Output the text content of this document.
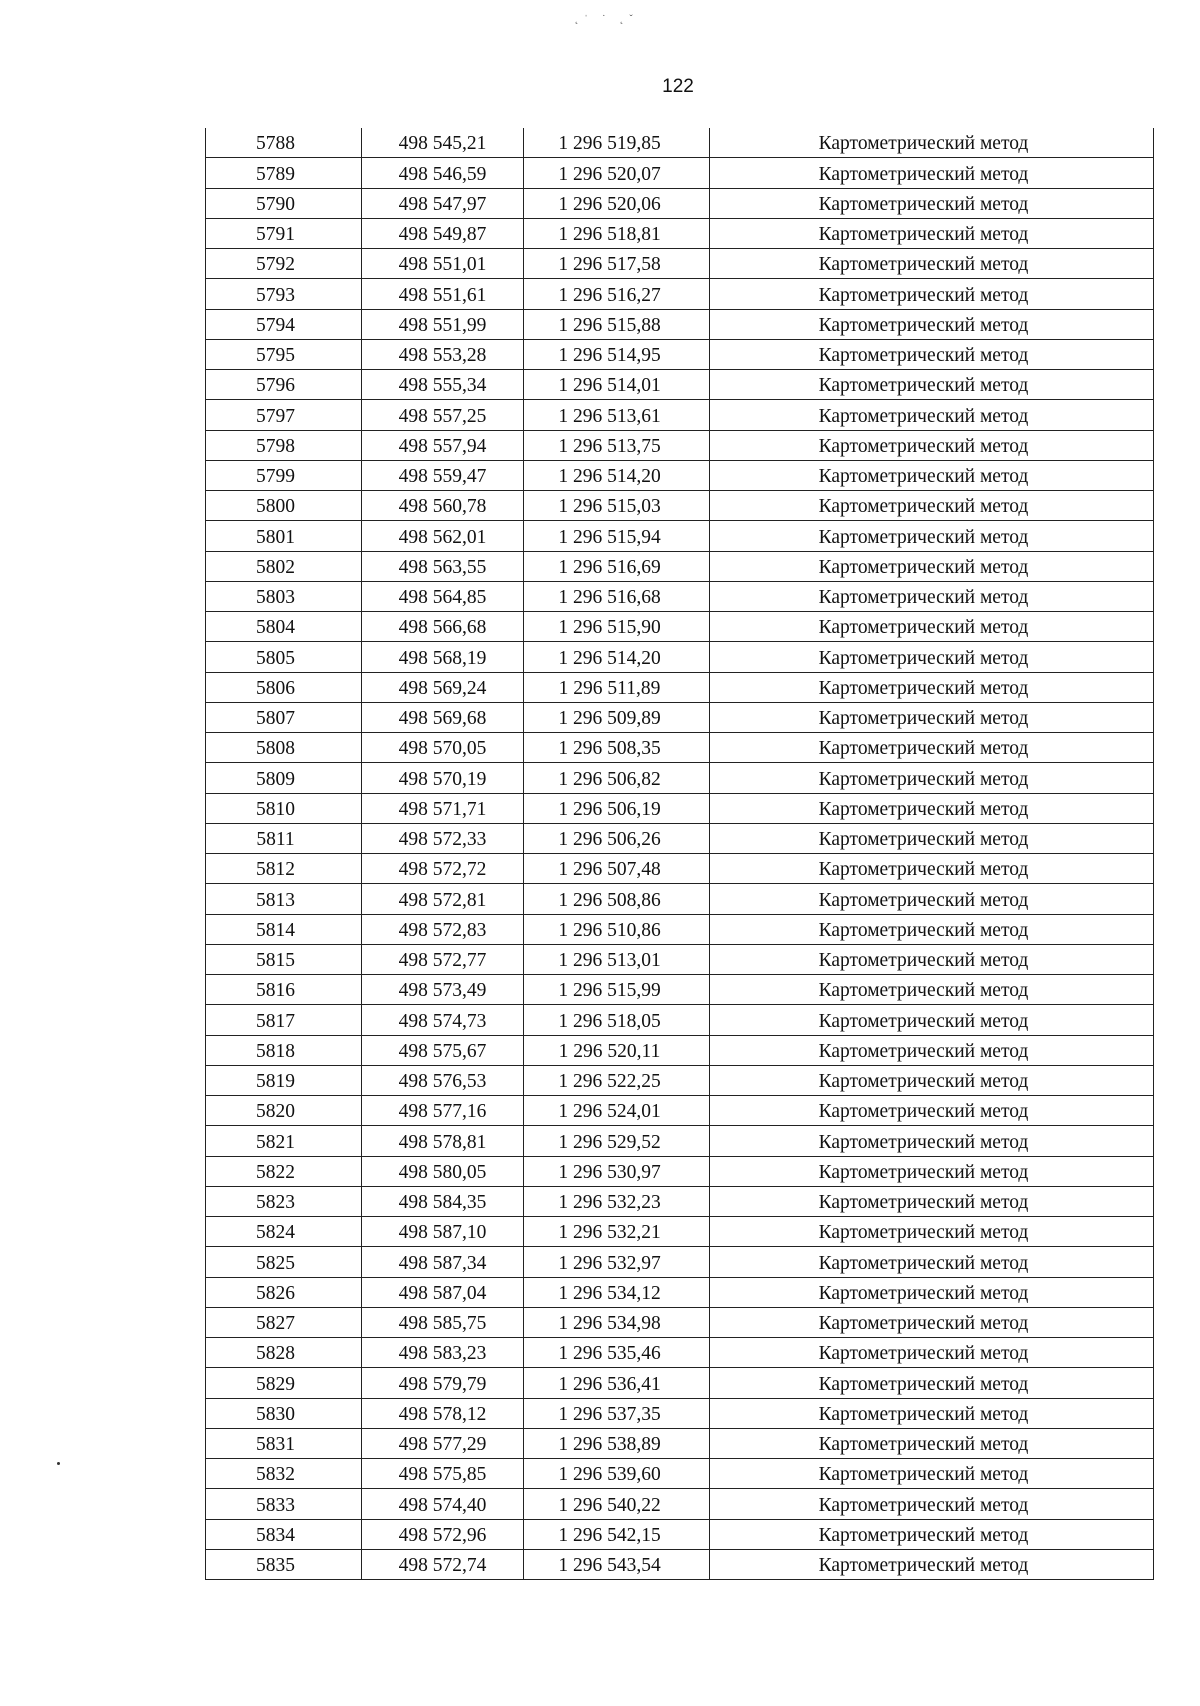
˛ˈ ˙ ˛ˇ
122
5788	498 545,21	1 296 519,85	Картометрический метод
5789	498 546,59	1 296 520,07	Картометрический метод
5790	498 547,97	1 296 520,06	Картометрический метод
5791	498 549,87	1 296 518,81	Картометрический метод
5792	498 551,01	1 296 517,58	Картометрический метод
5793	498 551,61	1 296 516,27	Картометрический метод
5794	498 551,99	1 296 515,88	Картометрический метод
5795	498 553,28	1 296 514,95	Картометрический метод
5796	498 555,34	1 296 514,01	Картометрический метод
5797	498 557,25	1 296 513,61	Картометрический метод
5798	498 557,94	1 296 513,75	Картометрический метод
5799	498 559,47	1 296 514,20	Картометрический метод
5800	498 560,78	1 296 515,03	Картометрический метод
5801	498 562,01	1 296 515,94	Картометрический метод
5802	498 563,55	1 296 516,69	Картометрический метод
5803	498 564,85	1 296 516,68	Картометрический метод
5804	498 566,68	1 296 515,90	Картометрический метод
5805	498 568,19	1 296 514,20	Картометрический метод
5806	498 569,24	1 296 511,89	Картометрический метод
5807	498 569,68	1 296 509,89	Картометрический метод
5808	498 570,05	1 296 508,35	Картометрический метод
5809	498 570,19	1 296 506,82	Картометрический метод
5810	498 571,71	1 296 506,19	Картометрический метод
5811	498 572,33	1 296 506,26	Картометрический метод
5812	498 572,72	1 296 507,48	Картометрический метод
5813	498 572,81	1 296 508,86	Картометрический метод
5814	498 572,83	1 296 510,86	Картометрический метод
5815	498 572,77	1 296 513,01	Картометрический метод
5816	498 573,49	1 296 515,99	Картометрический метод
5817	498 574,73	1 296 518,05	Картометрический метод
5818	498 575,67	1 296 520,11	Картометрический метод
5819	498 576,53	1 296 522,25	Картометрический метод
5820	498 577,16	1 296 524,01	Картометрический метод
5821	498 578,81	1 296 529,52	Картометрический метод
5822	498 580,05	1 296 530,97	Картометрический метод
5823	498 584,35	1 296 532,23	Картометрический метод
5824	498 587,10	1 296 532,21	Картометрический метод
5825	498 587,34	1 296 532,97	Картометрический метод
5826	498 587,04	1 296 534,12	Картометрический метод
5827	498 585,75	1 296 534,98	Картометрический метод
5828	498 583,23	1 296 535,46	Картометрический метод
5829	498 579,79	1 296 536,41	Картометрический метод
5830	498 578,12	1 296 537,35	Картометрический метод
5831	498 577,29	1 296 538,89	Картометрический метод
5832	498 575,85	1 296 539,60	Картометрический метод
5833	498 574,40	1 296 540,22	Картометрический метод
5834	498 572,96	1 296 542,15	Картометрический метод
5835	498 572,74	1 296 543,54	Картометрический метод
